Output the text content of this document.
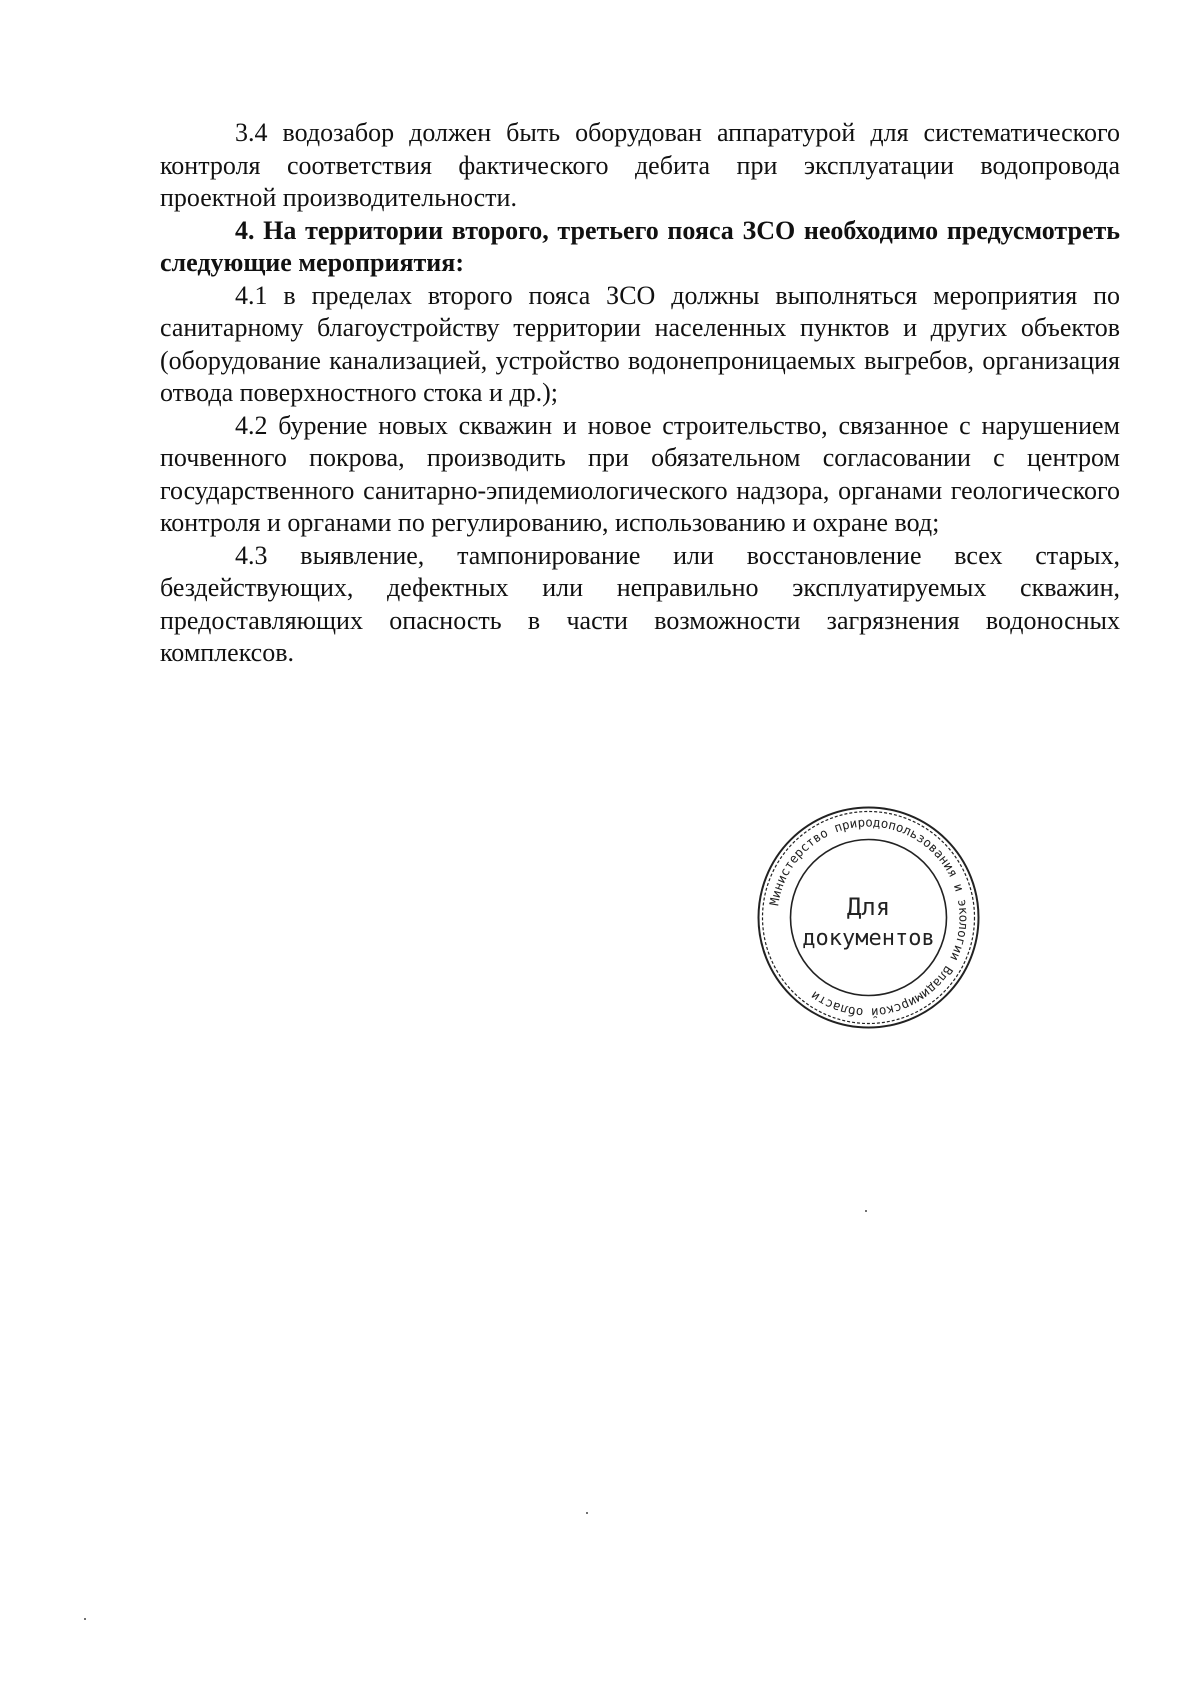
3.4 водозабор должен быть оборудован аппаратурой для систематического контроля соответствия фактического дебита при эксплуатации водопровода проектной производительности.

4. На территории второго, третьего пояса ЗСО необходимо предусмотреть следующие мероприятия:

4.1 в пределах второго пояса ЗСО должны выполняться мероприятия по санитарному благоустройству территории населенных пунктов и других объектов (оборудование канализацией, устройство водонепроницаемых выгребов, организация отвода поверхностного стока и др.);

4.2 бурение новых скважин и новое строительство, связанное с нарушением почвенного покрова, производить при обязательном согласовании с центром государственного санитарно-эпидемиологического надзора, органами геологического контроля и органами по регулированию, использованию и охране вод;

4.3 выявление, тампонирование или восстановление всех старых, бездействующих, дефектных или неправильно эксплуатируемых скважин, предоставляющих опасность в части возможности загрязнения водоносных комплексов.

Министерство природопользования и экологии Владимирской области
Для
документов
